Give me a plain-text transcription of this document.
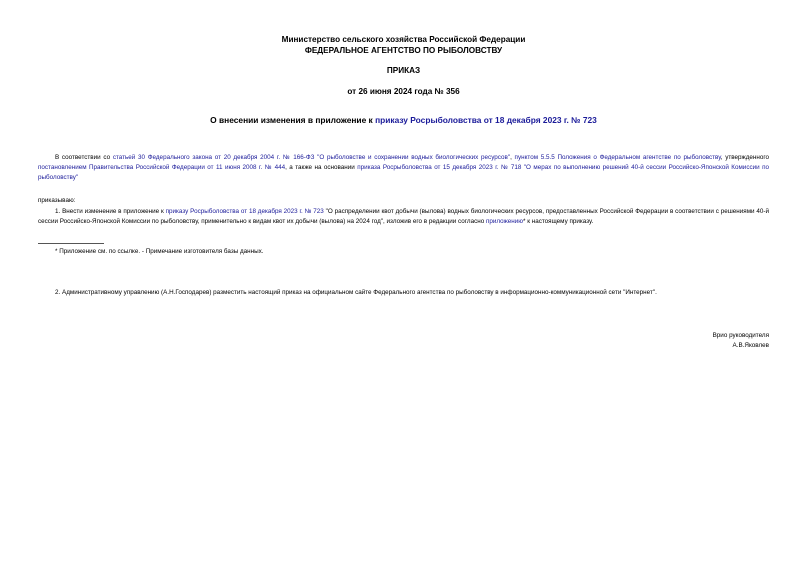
Министерство сельского хозяйства Российской Федерации
ФЕДЕРАЛЬНОЕ АГЕНТСТВО ПО РЫБОЛОВСТВУ
ПРИКАЗ
от 26 июня 2024 года № 356
О внесении изменения в приложение к приказу Росрыболовства от 18 декабря 2023 г. № 723
В соответствии со статьей 30 Федерального закона от 20 декабря 2004 г. № 166-ФЗ "О рыболовстве и сохранении водных биологических ресурсов", пунктом 5.5.5 Положения о Федеральном агентстве по рыболовству, утвержденного постановлением Правительства Российской Федерации от 11 июня 2008 г. № 444, а также на основании приказа Росрыболовства от 15 декабря 2023 г. № 718 "О мерах по выполнению решений 40-й сессии Российско-Японской Комиссии по рыболовству"
приказываю:
1. Внести изменение в приложение к приказу Росрыболовства от 18 декабря 2023 г. № 723 "О распределении квот добычи (вылова) водных биологических ресурсов, предоставленных Российской Федерации в соответствии с решениями 40-й сессии Российско-Японской Комиссии по рыболовству, применительно к видам квот их добычи (вылова) на 2024 год", изложив его в редакции согласно приложению* к настоящему приказу.
* Приложение см. по ссылке. - Примечание изготовителя базы данных.
2. Административному управлению (А.Н.Господарев) разместить настоящий приказ на официальном сайте Федерального агентства по рыболовству в информационно-коммуникационной сети "Интернет".
Врио руководителя
А.В.Яковлев
